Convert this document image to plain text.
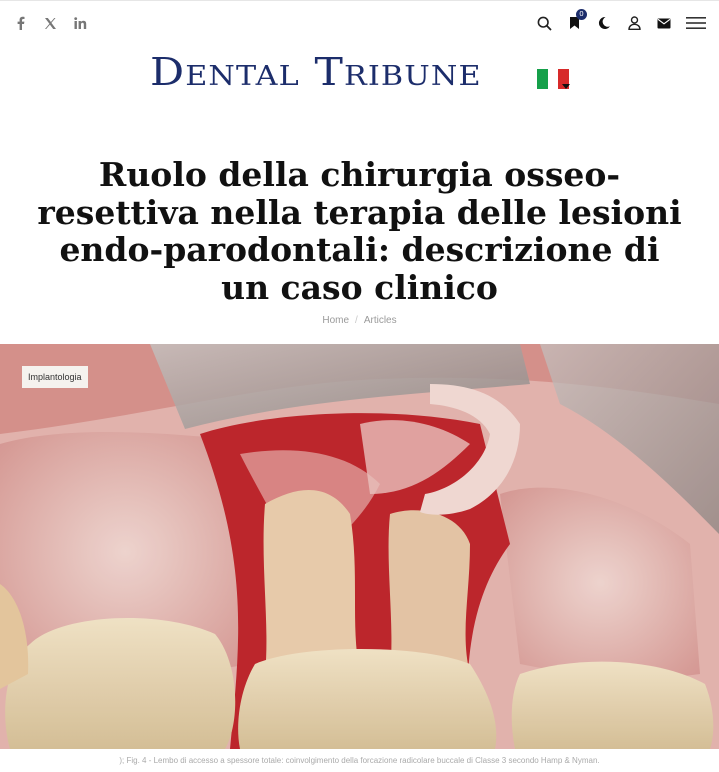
0
Dental Tribune
Ruolo della chirurgia osseo-resettiva nella terapia delle lesioni endo-parodontali: descrizione di un caso clinico
Home / Articles
Implantologia
); Fig. 4 - Lembo di accesso a spessore totale: coinvolgimento della forcazione radicolare buccale di Classe 3 secondo Hamp & Nyman.
